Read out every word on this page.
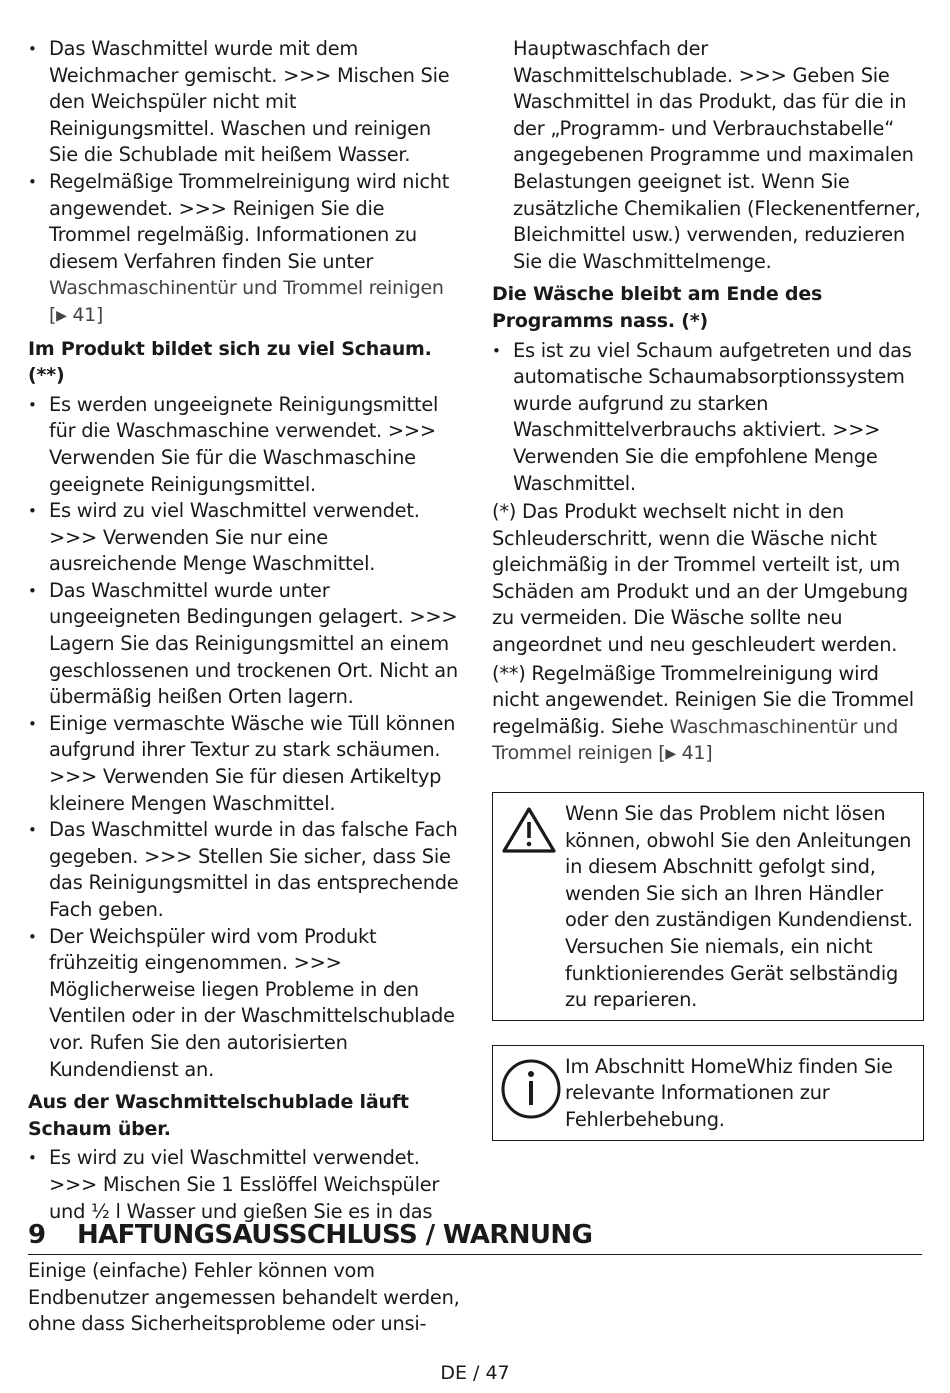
• Das Waschmittel wurde mit dem Weichmacher gemischt. >>> Mischen Sie den Weichspüler nicht mit Reinigungsmittel. Waschen und reinigen Sie die Schublade mit heißem Wasser.
• Regelmäßige Trommelreinigung wird nicht angewendet. >>> Reinigen Sie die Trommel regelmäßig. Informationen zu diesem Verfahren finden Sie unter Waschmaschinentür und Trommel reinigen [▶ 41]

Im Produkt bildet sich zu viel Schaum. (**)

• Es werden ungeeignete Reinigungsmittel für die Waschmaschine verwendet. >>> Verwenden Sie für die Waschmaschine geeignete Reinigungsmittel.
• Es wird zu viel Waschmittel verwendet. >>> Verwenden Sie nur eine ausreichende Menge Waschmittel.
• Das Waschmittel wurde unter ungeeigneten Bedingungen gelagert. >>> Lagern Sie das Reinigungsmittel an einem geschlossenen und trockenen Ort. Nicht an übermäßig heißen Orten lagern.
• Einige vermaschte Wäsche wie Tüll können aufgrund ihrer Textur zu stark schäumen. >>> Verwenden Sie für diesen Artikeltyp kleinere Mengen Waschmittel.
• Das Waschmittel wurde in das falsche Fach gegeben. >>> Stellen Sie sicher, dass Sie das Reinigungsmittel in das entsprechende Fach geben.
• Der Weichspüler wird vom Produkt frühzeitig eingenommen. >>> Möglicherweise liegen Probleme in den Ventilen oder in der Waschmittelschublade vor. Rufen Sie den autorisierten Kundendienst an.

Aus der Waschmittelschublade läuft Schaum über.

• Es wird zu viel Waschmittel verwendet. >>> Mischen Sie 1 Esslöffel Weichspüler und ½ l Wasser und gießen Sie es in das

Hauptwaschfach der Waschmittelschublade. >>> Geben Sie Waschmittel in das Produkt, das für die in der „Programm- und Verbrauchstabelle“ angegebenen Programme und maximalen Belastungen geeignet ist. Wenn Sie zusätzliche Chemikalien (Fleckenentferner, Bleichmittel usw.) verwenden, reduzieren Sie die Waschmittelmenge.

Die Wäsche bleibt am Ende des Programms nass. (*)

• Es ist zu viel Schaum aufgetreten und das automatische Schaumabsorptionssystem wurde aufgrund zu starken Waschmittelverbrauchs aktiviert. >>> Verwenden Sie die empfohlene Menge Waschmittel.

(*) Das Produkt wechselt nicht in den Schleuderschritt, wenn die Wäsche nicht gleichmäßig in der Trommel verteilt ist, um Schäden am Produkt und an der Umgebung zu vermeiden. Die Wäsche sollte neu angeordnet und neu geschleudert werden.

(**) Regelmäßige Trommelreinigung wird nicht angewendet. Reinigen Sie die Trommel regelmäßig. Siehe Waschmaschinentür und Trommel reinigen [▶ 41]

Wenn Sie das Problem nicht lösen können, obwohl Sie den Anleitungen in diesem Abschnitt gefolgt sind, wenden Sie sich an Ihren Händler oder den zuständigen Kundendienst. Versuchen Sie niemals, ein nicht funktionierendes Gerät selbständig zu reparieren.
Im Abschnitt HomeWhiz finden Sie relevante Informationen zur Fehlerbehebung.
9 HAFTUNGSAUSSCHLUSS / WARNUNG

Einige (einfache) Fehler können vom Endbenutzer angemessen behandelt werden, ohne dass Sicherheitsprobleme oder unsi-

DE / 47
